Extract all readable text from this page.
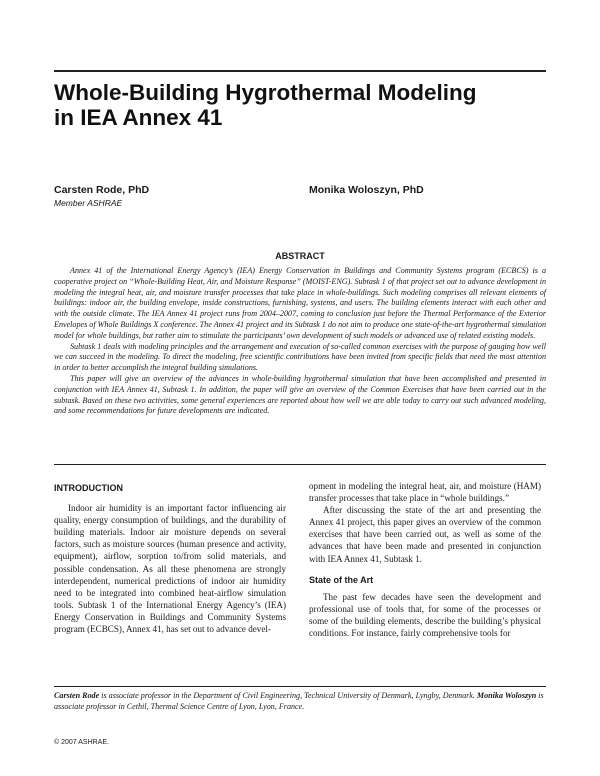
Whole-Building Hygrothermal Modeling
in IEA Annex 41
Carsten Rode, PhD
Member ASHRAE
Monika Woloszyn, PhD
ABSTRACT

Annex 41 of the International Energy Agency’s (IEA) Energy Conservation in Buildings and Community Systems program (ECBCS) is a cooperative project on “Whole-Building Heat, Air, and Moisture Response” (MOIST-ENG). Subtask 1 of that project set out to advance development in modeling the integral heat, air, and moisture transfer processes that take place in whole-buildings. Such modeling comprises all relevant elements of buildings: indoor air, the building envelope, inside constructions, furnishing, systems, and users. The building elements interact with each other and with the outside climate. The IEA Annex 41 project runs from 2004–2007, coming to conclusion just before the Thermal Performance of the Exterior Envelopes of Whole Buildings X conference. The Annex 41 project and its Subtask 1 do not aim to produce one state-of-the-art hygrothermal simulation model for whole buildings, but rather aim to stimulate the participants’ own development of such models or advanced use of related existing models.

Subtask 1 deals with modeling principles and the arrangement and execution of so-called common exercises with the purpose of gauging how well we can succeed in the modeling. To direct the modeling, free scientific contributions have been invited from specific fields that need the most attention in order to better accomplish the integral building simulations.

This paper will give an overview of the advances in whole-building hygrothermal simulation that have been accomplished and presented in conjunction with IEA Annex 41, Subtask 1. In addition, the paper will give an overview of the Common Exercises that have been carried out in the subtask. Based on these two activities, some general experiences are reported about how well we are able today to carry out such advanced modeling, and some recommendations for future developments are indicated.

INTRODUCTION

Indoor air humidity is an important factor influencing air quality, energy consumption of buildings, and the durability of building materials. Indoor air moisture depends on several factors, such as moisture sources (human presence and activity, equipment), airflow, sorption to/from solid materials, and possible condensation. As all these phenomena are strongly interdependent, numerical predictions of indoor air humidity need to be integrated into combined heat-airflow simulation tools. Subtask 1 of the International Energy Agency’s (IEA) Energy Conservation in Buildings and Community Systems program (ECBCS), Annex 41, has set out to advance devel-

opment in modeling the integral heat, air, and moisture (HAM) transfer processes that take place in “whole buildings.”

After discussing the state of the art and presenting the Annex 41 project, this paper gives an overview of the common exercises that have been carried out, as well as some of the advances that have been made and presented in conjunction with IEA Annex 41, Subtask 1.

State of the Art

The past few decades have seen the development and professional use of tools that, for some of the processes or some of the building elements, describe the building’s physical conditions. For instance, fairly comprehensive tools for

Carsten Rode is associate professor in the Department of Civil Engineering, Technical University of Denmark, Lyngby, Denmark. Monika Woloszyn is associate professor in Cethil, Thermal Science Centre of Lyon, Lyon, France.
© 2007 ASHRAE.
